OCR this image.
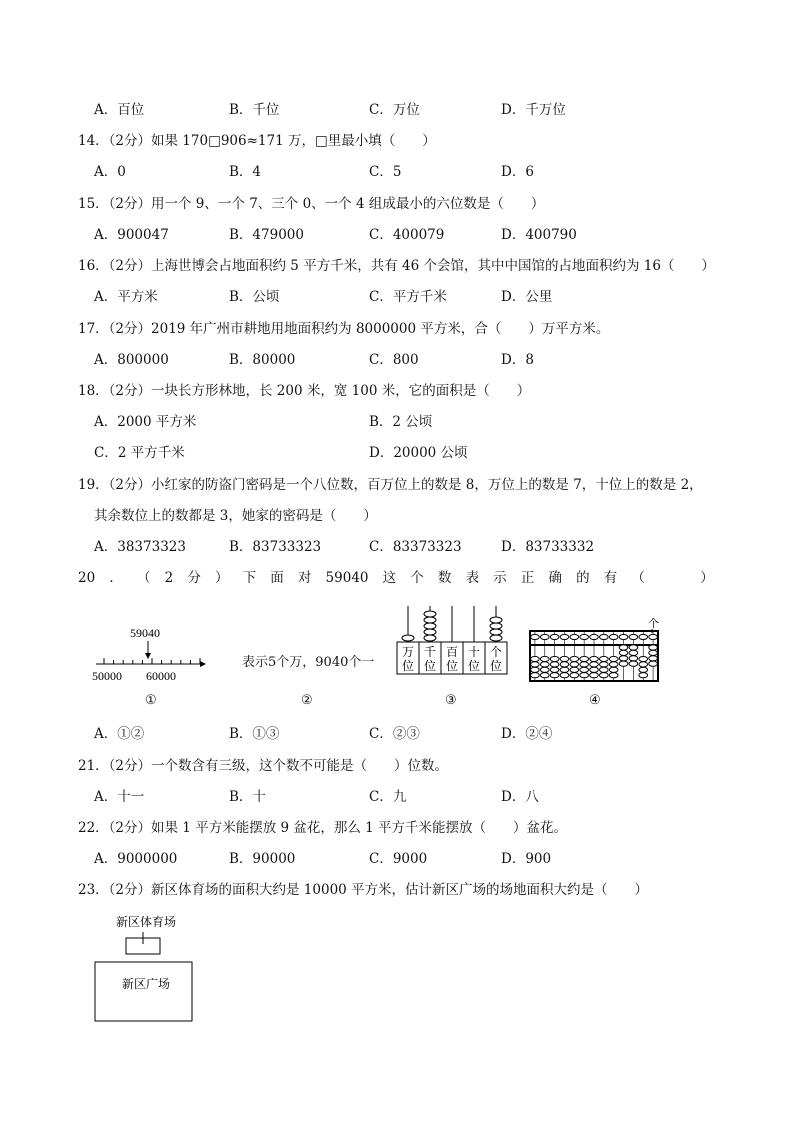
A．百位	B．千位	C．万位	D．千万位
14．（2分）如果 170□906≈171 万，□里最小填（　　）
A．0	B．4	C．5	D．6
15．（2分）用一个 9、一个 7、三个 0、一个 4 组成最小的六位数是（　　）
A．900047	B．479000	C．400079	D．400790
16．（2分）上海世博会占地面积约 5 平方千米，共有 46 个会馆，其中中国馆的占地面积约为 16（　　）
A．平方米	B．公顷	C．平方千米	D．公里
17．（2分）2019 年广州市耕地用地面积约为 8000000 平方米，合（　　）万平方米。
A．800000	B．80000	C．800	D．8
18．（2分）一块长方形林地，长 200 米，宽 100 米，它的面积是（　　）
A．2000 平方米	B．2 公顷
C．2 平方千米	D．20000 公顷
19．（2分）小红家的防盗门密码是一个八位数，百万位上的数是 8，万位上的数是 7，十位上的数是 2，
其余数位上的数都是 3，她家的密码是（　　）
A．38373323	B．83733323	C．83373323	D．83733332
20 ． （ 2 分 ） 下 面 对 59040 这 个 数 表 示 正 确 的 有 （
　　	）
59040
50000 60000
表示5个万，9040个一
万
位
千
位
百
位
十
位
个
位
个
①	②	③	④
A．①②	B．①③	C．②③	D．②④
21．（2分）一个数含有三级，这个数不可能是（　　）位数。
A．十一	B．十	C．九	D．八
22．（2分）如果 1 平方米能摆放 9 盆花，那么 1 平方千米能摆放（　　）盆花。
A．9000000	B．90000	C．9000	D．900
23．（2分）新区体育场的面积大约是 10000 平方米，估计新区广场的场地面积大约是（　　）
新区体育场
新区广场
